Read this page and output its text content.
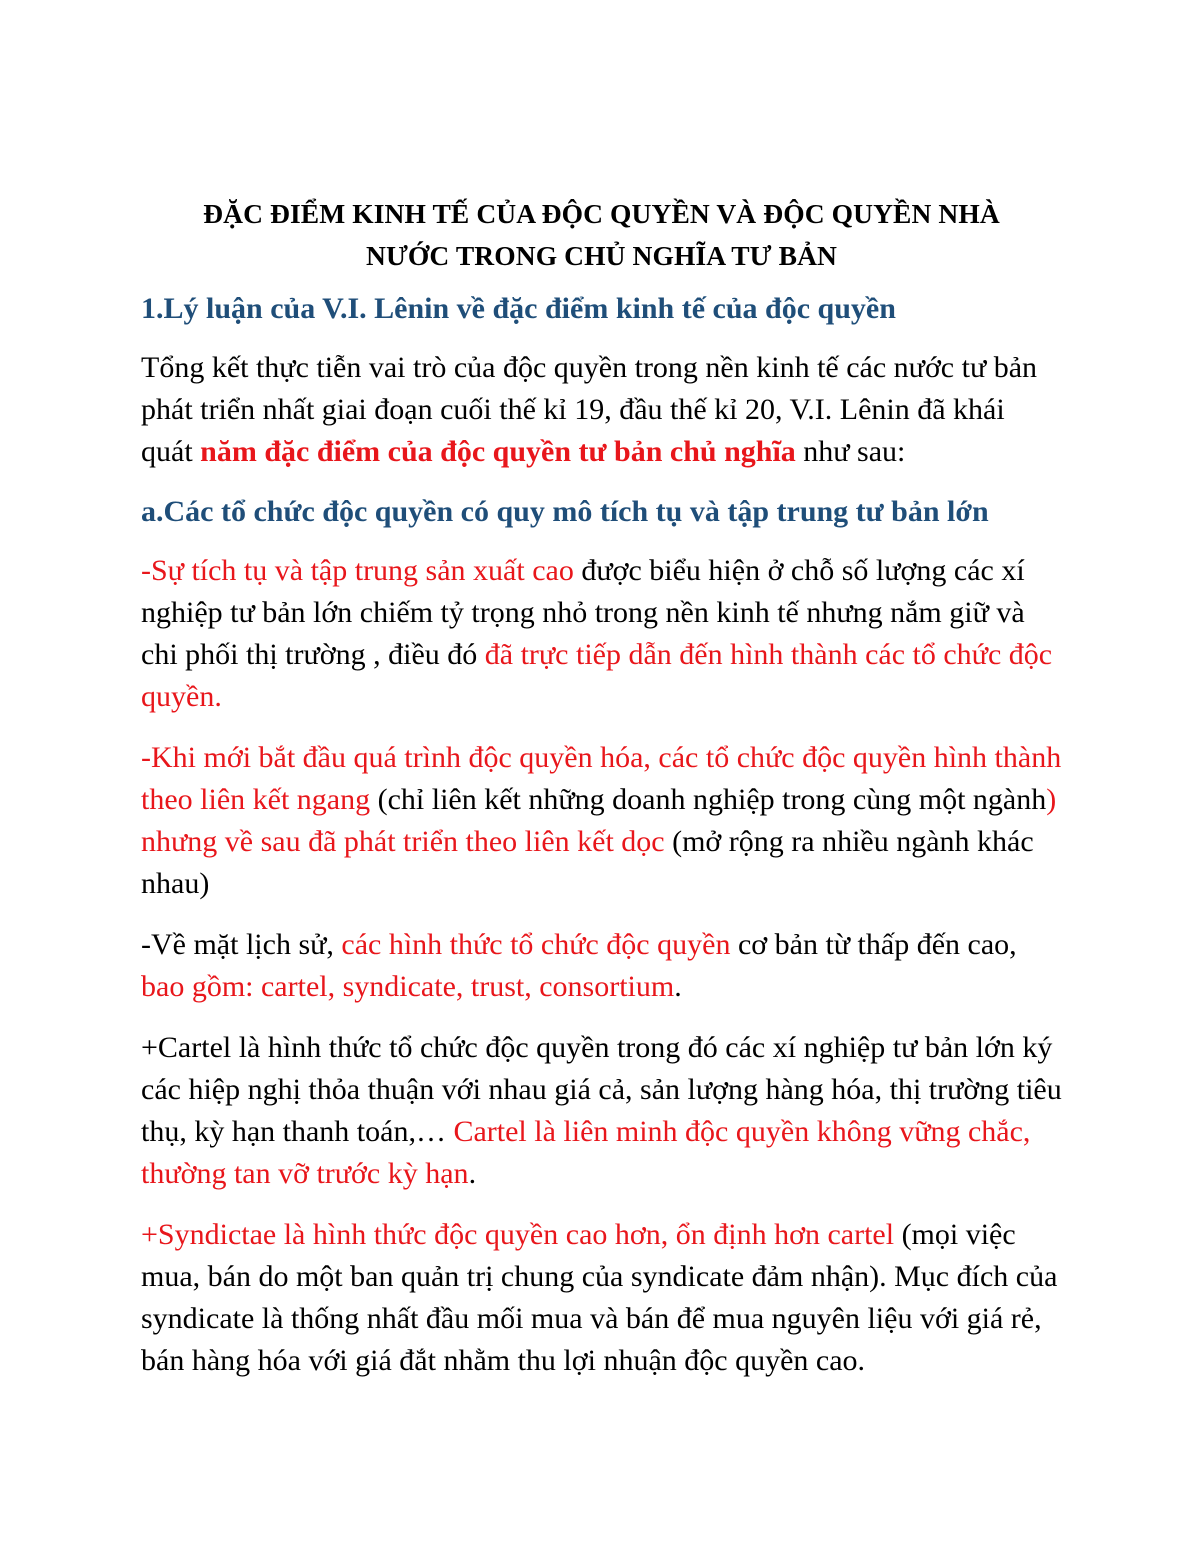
ĐẶC ĐIỂM KINH TẾ CỦA ĐỘC QUYỀN VÀ ĐỘC QUYỀN NHÀ
NƯỚC TRONG CHỦ NGHĨA TƯ BẢN
1.Lý luận của V.I. Lênin về đặc điểm kinh tế của độc quyền

Tổng kết thực tiễn vai trò của độc quyền trong nền kinh tế các nước tư bản phát triển nhất giai đoạn cuối thế kỉ 19, đầu thế kỉ 20, V.I. Lênin đã khái quát năm đặc điểm của độc quyền tư bản chủ nghĩa như sau:

a.Các tổ chức độc quyền có quy mô tích tụ và tập trung tư bản lớn

-Sự tích tụ và tập trung sản xuất cao được biểu hiện ở chỗ số lượng các xí nghiệp tư bản lớn chiếm tỷ trọng nhỏ trong nền kinh tế nhưng nắm giữ và chi phối thị trường , điều đó đã trực tiếp dẫn đến hình thành các tổ chức độc quyền.

-Khi mới bắt đầu quá trình độc quyền hóa, các tổ chức độc quyền hình thành theo liên kết ngang (chỉ liên kết những doanh nghiệp trong cùng một ngành) nhưng về sau đã phát triển theo liên kết dọc (mở rộng ra nhiều ngành khác nhau)

-Về mặt lịch sử, các hình thức tổ chức độc quyền cơ bản từ thấp đến cao, bao gồm: cartel, syndicate, trust, consortium.

+Cartel là hình thức tổ chức độc quyền trong đó các xí nghiệp tư bản lớn ký các hiệp nghị thỏa thuận với nhau giá cả, sản lượng hàng hóa, thị trường tiêu thụ, kỳ hạn thanh toán,… Cartel là liên minh độc quyền không vững chắc, thường tan vỡ trước kỳ hạn.

+Syndictae là hình thức độc quyền cao hơn, ổn định hơn cartel (mọi việc mua, bán do một ban quản trị chung của syndicate đảm nhận). Mục đích của syndicate là thống nhất đầu mối mua và bán để mua nguyên liệu với giá rẻ, bán hàng hóa với giá đắt nhằm thu lợi nhuận độc quyền cao.
